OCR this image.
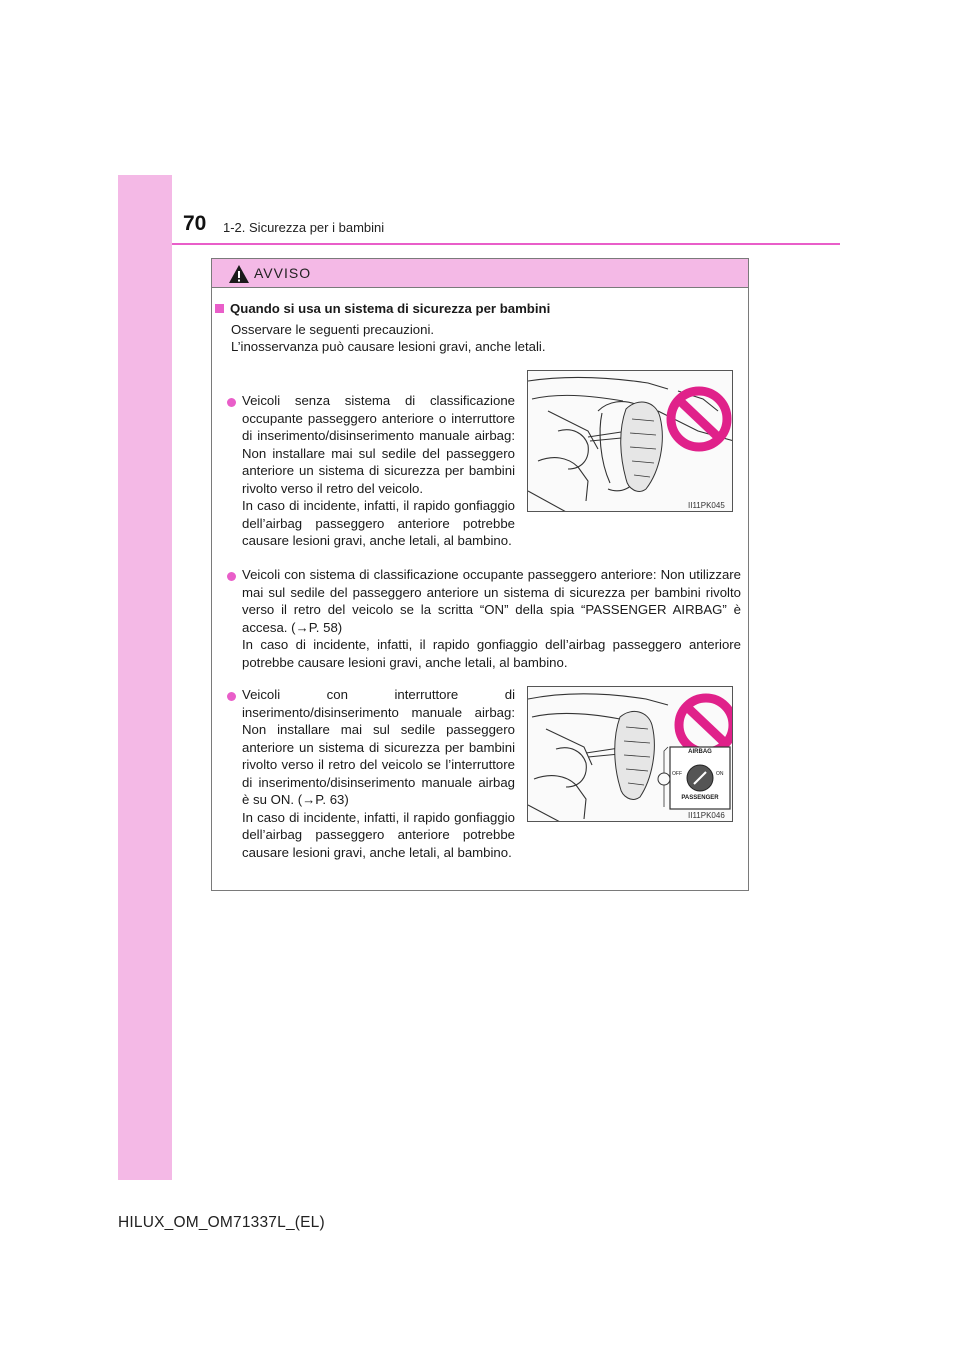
70 1-2. Sicurezza per i bambini
AVVISO
Quando si usa un sistema di sicurezza per bambini
Osservare le seguenti precauzioni.
L’inosservanza può causare lesioni gravi, anche letali.
Veicoli senza sistema di classificazione occupante passeggero anteriore o interruttore di inserimento/disinserimento manuale airbag: Non installare mai sul sedile del passeggero anteriore un sistema di sicurezza per bambini rivolto verso il retro del veicolo.
In caso di incidente, infatti, il rapido gonfiaggio dell’airbag passeggero anteriore potrebbe causare lesioni gravi, anche letali, al bambino.
II11PK045
Veicoli con sistema di classificazione occupante passeggero anteriore: Non utilizzare mai sul sedile del passeggero anteriore un sistema di sicurezza per bambini rivolto verso il retro del veicolo se la scritta “ON” della spia “PASSENGER AIRBAG” è accesa. (→P. 58)
In caso di incidente, infatti, il rapido gonfiaggio dell’airbag passeggero anteriore potrebbe causare lesioni gravi, anche letali, al bambino.
Veicoli con interruttore di inserimento/disinserimento manuale airbag: Non installare mai sul sedile passeggero anteriore un sistema di sicurezza per bambini rivolto verso il retro del veicolo se l’interruttore di inserimento/disinserimento manuale airbag è su ON. (→P. 63)
In caso di incidente, infatti, il rapido gonfiaggio dell’airbag passeggero anteriore potrebbe causare lesioni gravi, anche letali, al bambino.
AIRBAG
OFF	ON
PASSENGER
II11PK046
HILUX_OM_OM71337L_(EL)
